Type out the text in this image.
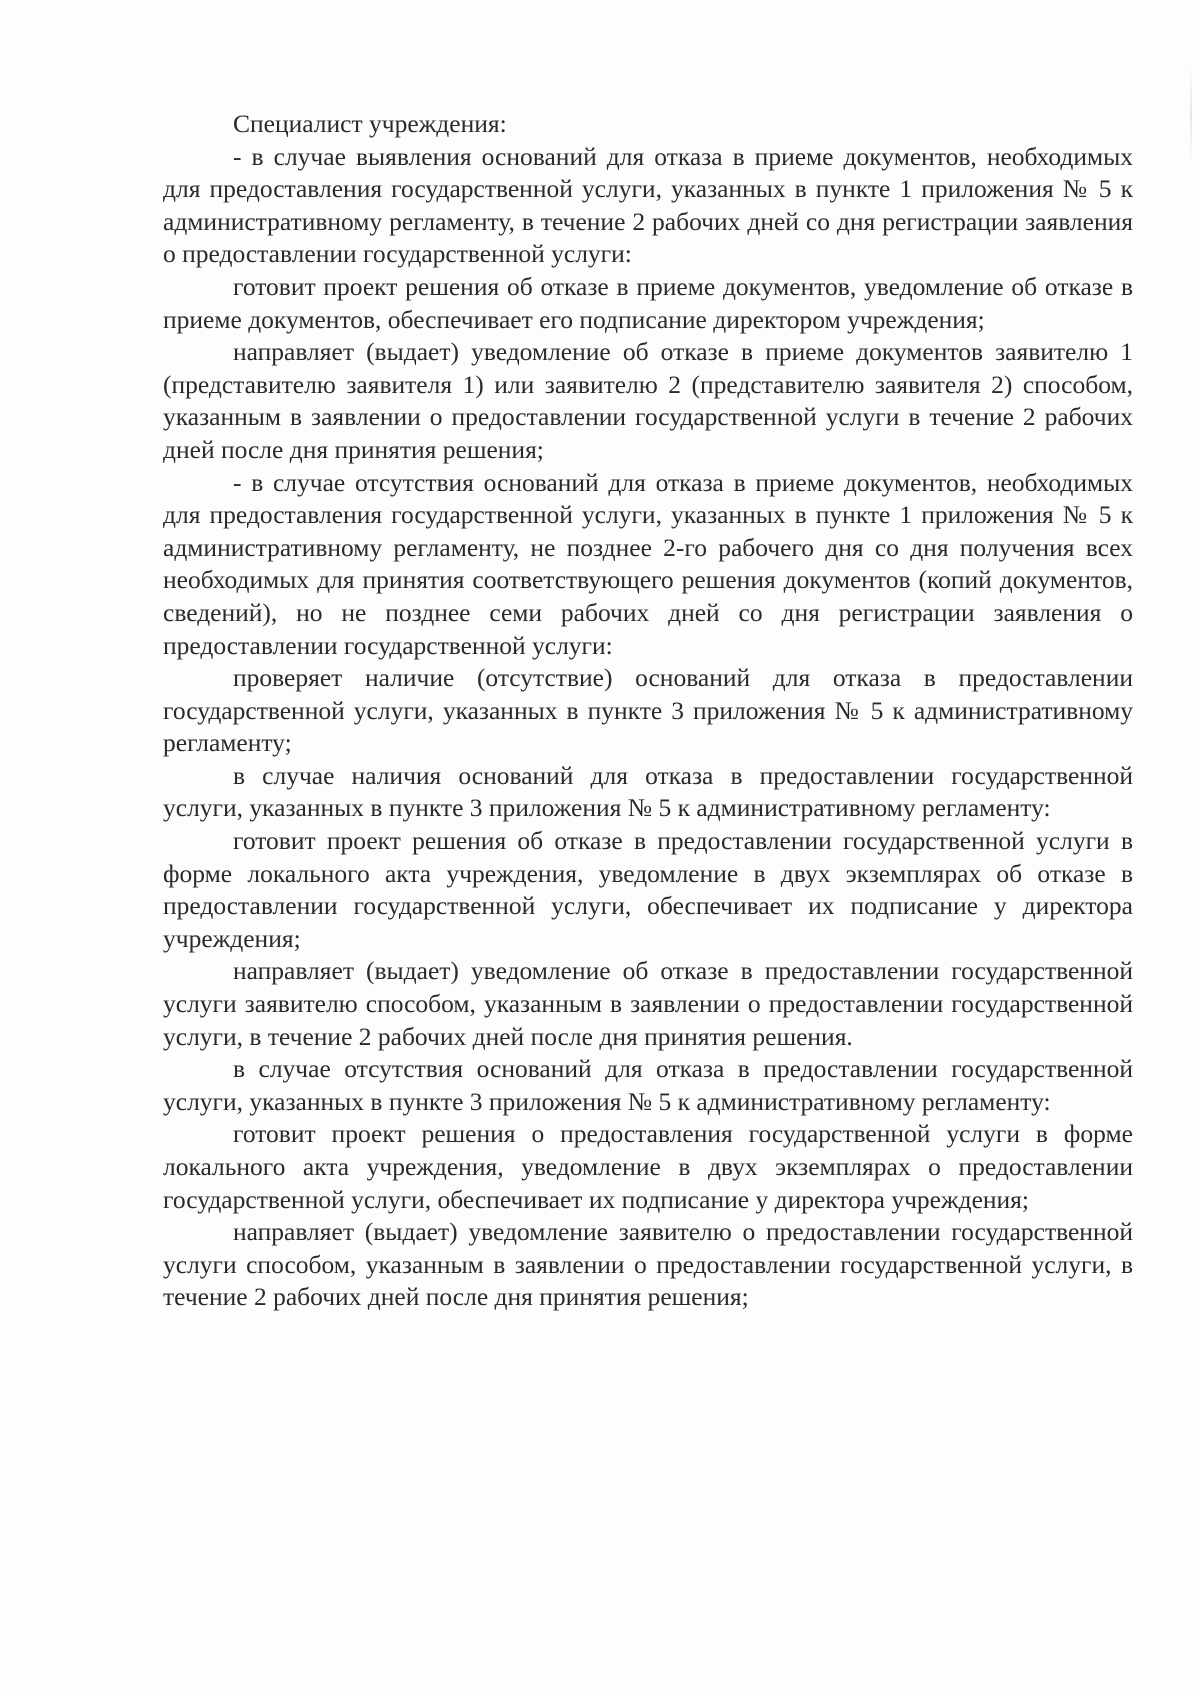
Специалист учреждения:

- в случае выявления оснований для отказа в приеме документов, необходимых для предоставления государственной услуги, указанных в пункте 1 приложения № 5 к административному регламенту, в течение 2 рабочих дней со дня регистрации заявления о предоставлении государственной услуги:

готовит проект решения об отказе в приеме документов, уведомление об отказе в приеме документов, обеспечивает его подписание директором учреждения;

направляет (выдает) уведомление об отказе в приеме документов заявителю 1 (представителю заявителя 1) или заявителю 2 (представителю заявителя 2) способом, указанным в заявлении о предоставлении государственной услуги в течение 2 рабочих дней после дня принятия решения;

- в случае отсутствия оснований для отказа в приеме документов, необходимых для предоставления государственной услуги, указанных в пункте 1 приложения № 5 к административному регламенту, не позднее 2-го рабочего дня со дня получения всех необходимых для принятия соответствующего решения документов (копий документов, сведений), но не позднее семи рабочих дней со дня регистрации заявления о предоставлении государственной услуги:

проверяет наличие (отсутствие) оснований для отказа в предоставлении государственной услуги, указанных в пункте 3 приложения № 5 к административному регламенту;

в случае наличия оснований для отказа в предоставлении государственной услуги, указанных в пункте 3 приложения № 5 к административному регламенту:

готовит проект решения об отказе в предоставлении государственной услуги в форме локального акта учреждения, уведомление в двух экземплярах об отказе в предоставлении государственной услуги, обеспечивает их подписание у директора учреждения;

направляет (выдает) уведомление об отказе в предоставлении государственной услуги заявителю способом, указанным в заявлении о предоставлении государственной услуги, в течение 2 рабочих дней после дня принятия решения.

в случае отсутствия оснований для отказа в предоставлении государственной услуги, указанных в пункте 3 приложения № 5 к административному регламенту:

готовит проект решения о предоставления государственной услуги в форме локального акта учреждения, уведомление в двух экземплярах о предоставлении государственной услуги, обеспечивает их подписание у директора учреждения;

направляет (выдает) уведомление заявителю о предоставлении государственной услуги способом, указанным в заявлении о предоставлении государственной услуги, в течение 2 рабочих дней после дня принятия решения;
